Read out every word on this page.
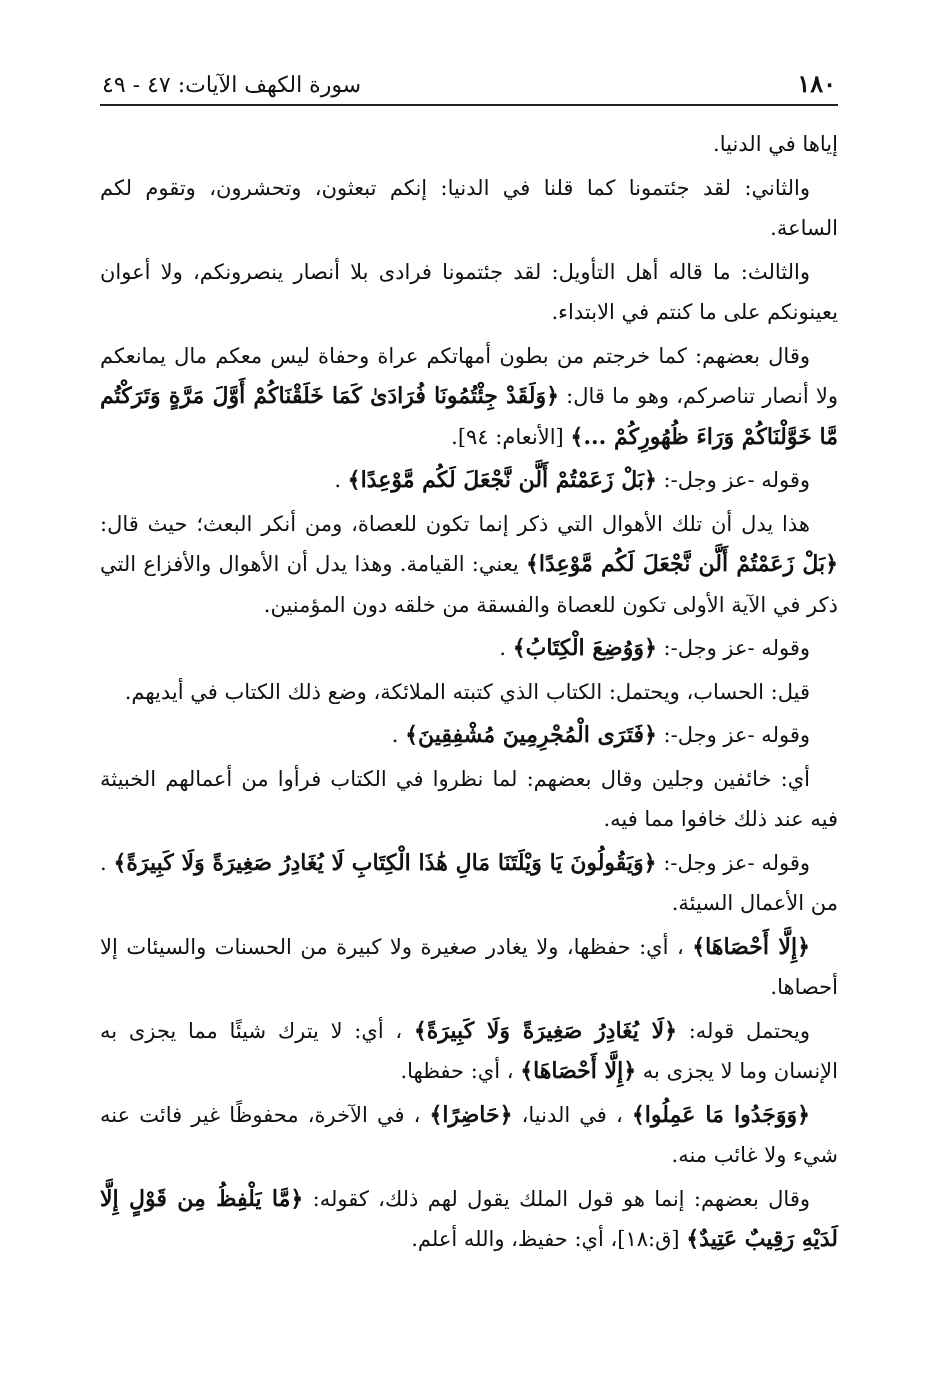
١٨٠
سورة الكهف الآيات: ٤٧ - ٤٩

إياها في الدنيا.

والثاني: لقد جئتمونا كما قلنا في الدنيا: إنكم تبعثون، وتحشرون، وتقوم لكم الساعة.

والثالث: ما قاله أهل التأويل: لقد جئتمونا فرادى بلا أنصار ينصرونكم، ولا أعوان يعينونكم على ما كنتم في الابتداء.

وقال بعضهم: كما خرجتم من بطون أمهاتكم عراة وحفاة ليس معكم مال يمانعكم ولا أنصار تناصركم، وهو ما قال: ﴿وَلَقَدْ جِئْتُمُونَا فُرَادَىٰ كَمَا خَلَقْنَاكُمْ أَوَّلَ مَرَّةٍ وَتَرَكْتُم مَّا خَوَّلْنَاكُمْ وَرَاءَ ظُهُورِكُمْ ...﴾ [الأنعام: ٩٤].

وقوله -عز وجل-: ﴿بَلْ زَعَمْتُمْ أَلَّن نَّجْعَلَ لَكُم مَّوْعِدًا﴾ .

هذا يدل أن تلك الأهوال التي ذكر إنما تكون للعصاة، ومن أنكر البعث؛ حيث قال: ﴿بَلْ زَعَمْتُمْ أَلَّن نَّجْعَلَ لَكُم مَّوْعِدًا﴾ يعني: القيامة. وهذا يدل أن الأهوال والأفزاع التي ذكر في الآية الأولى تكون للعصاة والفسقة من خلقه دون المؤمنين.

وقوله -عز وجل-: ﴿وَوُضِعَ الْكِتَابُ﴾ .

قيل: الحساب، ويحتمل: الكتاب الذي كتبته الملائكة، وضع ذلك الكتاب في أيديهم.

وقوله -عز وجل-: ﴿فَتَرَى الْمُجْرِمِينَ مُشْفِقِينَ﴾ .

أي: خائفين وجلين وقال بعضهم: لما نظروا في الكتاب فرأوا من أعمالهم الخبيثة فيه عند ذلك خافوا مما فيه.

وقوله -عز وجل-: ﴿وَيَقُولُونَ يَا وَيْلَتَنَا مَالِ هَٰذَا الْكِتَابِ لَا يُغَادِرُ صَغِيرَةً وَلَا كَبِيرَةً﴾ . من الأعمال السيئة.

﴿إِلَّا أَحْصَاهَا﴾ ، أي: حفظها، ولا يغادر صغيرة ولا كبيرة من الحسنات والسيئات إلا أحصاها.

ويحتمل قوله: ﴿لَا يُغَادِرُ صَغِيرَةً وَلَا كَبِيرَةً﴾ ، أي: لا يترك شيئًا مما يجزى به الإنسان وما لا يجزى به ﴿إِلَّا أَحْصَاهَا﴾ ، أي: حفظها.

﴿وَوَجَدُوا مَا عَمِلُوا﴾ ، في الدنيا، ﴿حَاضِرًا﴾ ، في الآخرة، محفوظًا غير فائت عنه شيء ولا غائب منه.

وقال بعضهم: إنما هو قول الملك يقول لهم ذلك، كقوله: ﴿مَّا يَلْفِظُ مِن قَوْلٍ إِلَّا لَدَيْهِ رَقِيبٌ عَتِيدٌ﴾ [ق:١٨]، أي: حفيظ، والله أعلم.
